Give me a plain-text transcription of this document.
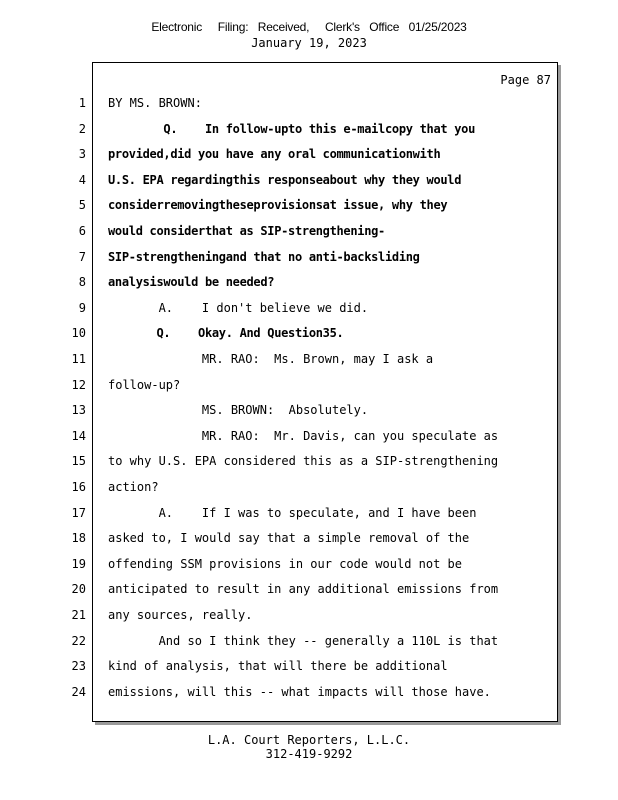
Electronic     Filing:   Received,     Clerk's   Office   01/25/2023
January 19, 2023
Page 87
1 BY MS. BROWN:
2 Q.    In follow-upto this e-mailcopy that you
3 provided,did you have any oral communicationwith
4 U.S. EPA regardingthis responseabout why they would
5 considerremovingtheseprovisionsat issue, why they
6 would considerthat as SIP-strengthening-
7 SIP-strengtheningand that no anti-backsliding
8 analysiswould be needed?
9 A.    I don't believe we did.
10 Q.    Okay. And Question35.
11 MR. RAO:  Ms. Brown, may I ask a
12 follow-up?
13 MS. BROWN:  Absolutely.
14 MR. RAO:  Mr. Davis, can you speculate as
15 to why U.S. EPA considered this as a SIP-strengthening
16 action?
17 A.    If I was to speculate, and I have been
18 asked to, I would say that a simple removal of the
19 offending SSM provisions in our code would not be
20 anticipated to result in any additional emissions from
21 any sources, really.
22 And so I think they -- generally a 110L is that
23 kind of analysis, that will there be additional
24 emissions, will this -- what impacts will those have.
L.A. Court Reporters, L.L.C.
312-419-9292
